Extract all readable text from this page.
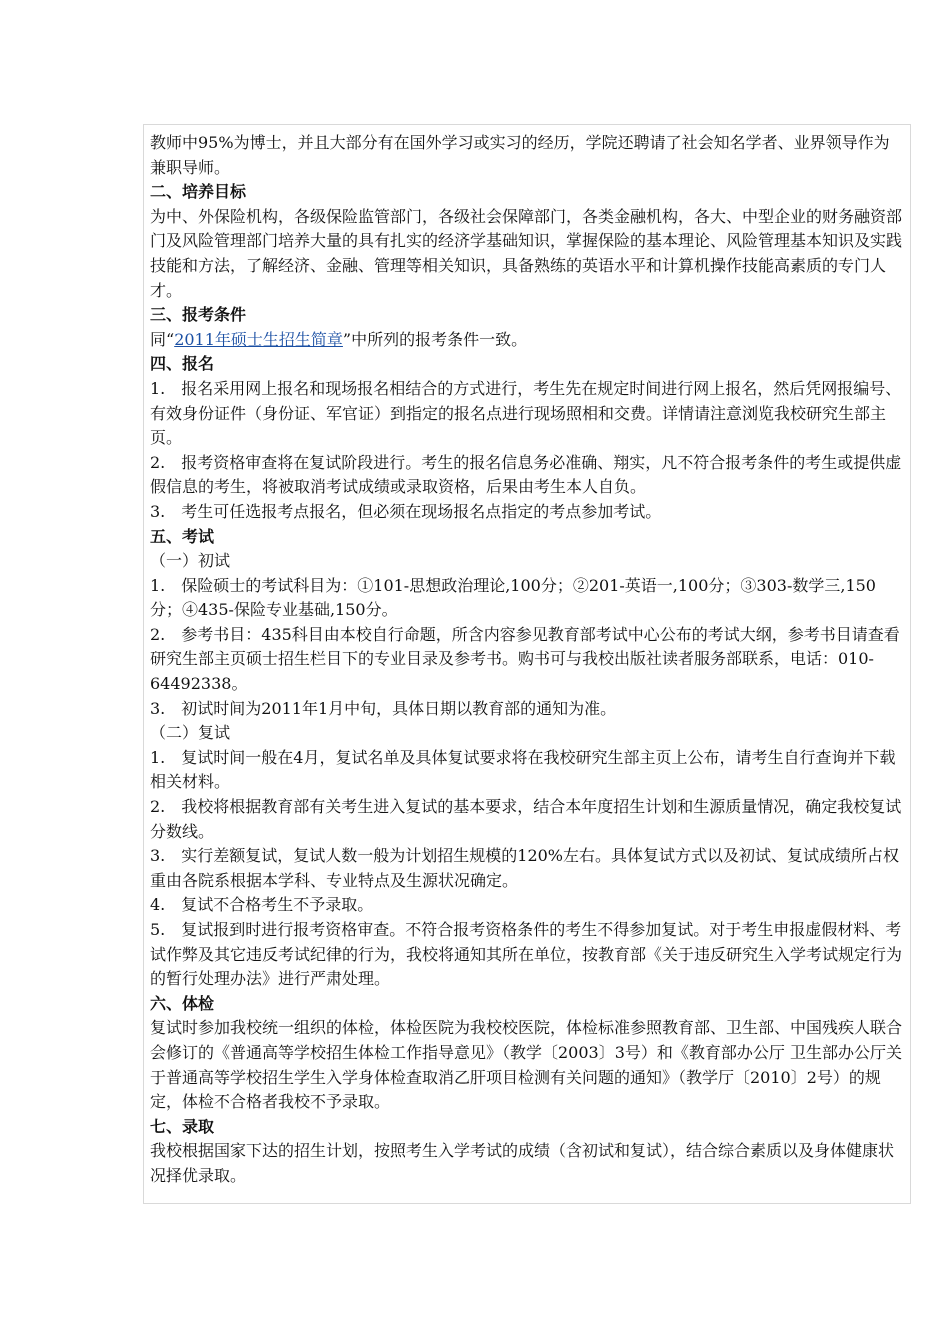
教师中95%为博士，并且大部分有在国外学习或实习的经历，学院还聘请了社会知名学者、业界领导作为兼职导师。

二、培养目标

为中、外保险机构，各级保险监管部门，各级社会保障部门，各类金融机构，各大、中型企业的财务融资部门及风险管理部门培养大量的具有扎实的经济学基础知识，掌握保险的基本理论、风险管理基本知识及实践技能和方法，了解经济、金融、管理等相关知识，具备熟练的英语水平和计算机操作技能高素质的专门人才。

三、报考条件

同“2011年硕士生招生简章”中所列的报考条件一致。

四、报名

1.　报名采用网上报名和现场报名相结合的方式进行，考生先在规定时间进行网上报名，然后凭网报编号、有效身份证件（身份证、军官证）到指定的报名点进行现场照相和交费。详情请注意浏览我校研究生部主页。

2.　报考资格审查将在复试阶段进行。考生的报名信息务必准确、翔实，凡不符合报考条件的考生或提供虚假信息的考生，将被取消考试成绩或录取资格，后果由考生本人自负。

3.　考生可任选报考点报名，但必须在现场报名点指定的考点参加考试。

五、考试

（一）初试

1.　保险硕士的考试科目为：①101-思想政治理论,100分；②201-英语一,100分；③303-数学三,150分；④435-保险专业基础,150分。

2.　参考书目：435科目由本校自行命题，所含内容参见教育部考试中心公布的考试大纲，参考书目请查看研究生部主页硕士招生栏目下的专业目录及参考书。购书可与我校出版社读者服务部联系，电话：010-64492338。

3.　初试时间为2011年1月中旬，具体日期以教育部的通知为准。

（二）复试

1.　复试时间一般在4月，复试名单及具体复试要求将在我校研究生部主页上公布，请考生自行查询并下载相关材料。

2.　我校将根据教育部有关考生进入复试的基本要求，结合本年度招生计划和生源质量情况，确定我校复试分数线。

3.　实行差额复试，复试人数一般为计划招生规模的120%左右。具体复试方式以及初试、复试成绩所占权重由各院系根据本学科、专业特点及生源状况确定。

4.　复试不合格考生不予录取。

5.　复试报到时进行报考资格审查。不符合报考资格条件的考生不得参加复试。对于考生申报虚假材料、考试作弊及其它违反考试纪律的行为，我校将通知其所在单位，按教育部《关于违反研究生入学考试规定行为的暂行处理办法》进行严肃处理。

六、体检

复试时参加我校统一组织的体检，体检医院为我校校医院，体检标准参照教育部、卫生部、中国残疾人联合会修订的《普通高等学校招生体检工作指导意见》（教学〔2003〕3号）和《教育部办公厅 卫生部办公厅关于普通高等学校招生学生入学身体检查取消乙肝项目检测有关问题的通知》（教学厅〔2010〕2号）的规定，体检不合格者我校不予录取。

七、录取

我校根据国家下达的招生计划，按照考生入学考试的成绩（含初试和复试），结合综合素质以及身体健康状况择优录取。
